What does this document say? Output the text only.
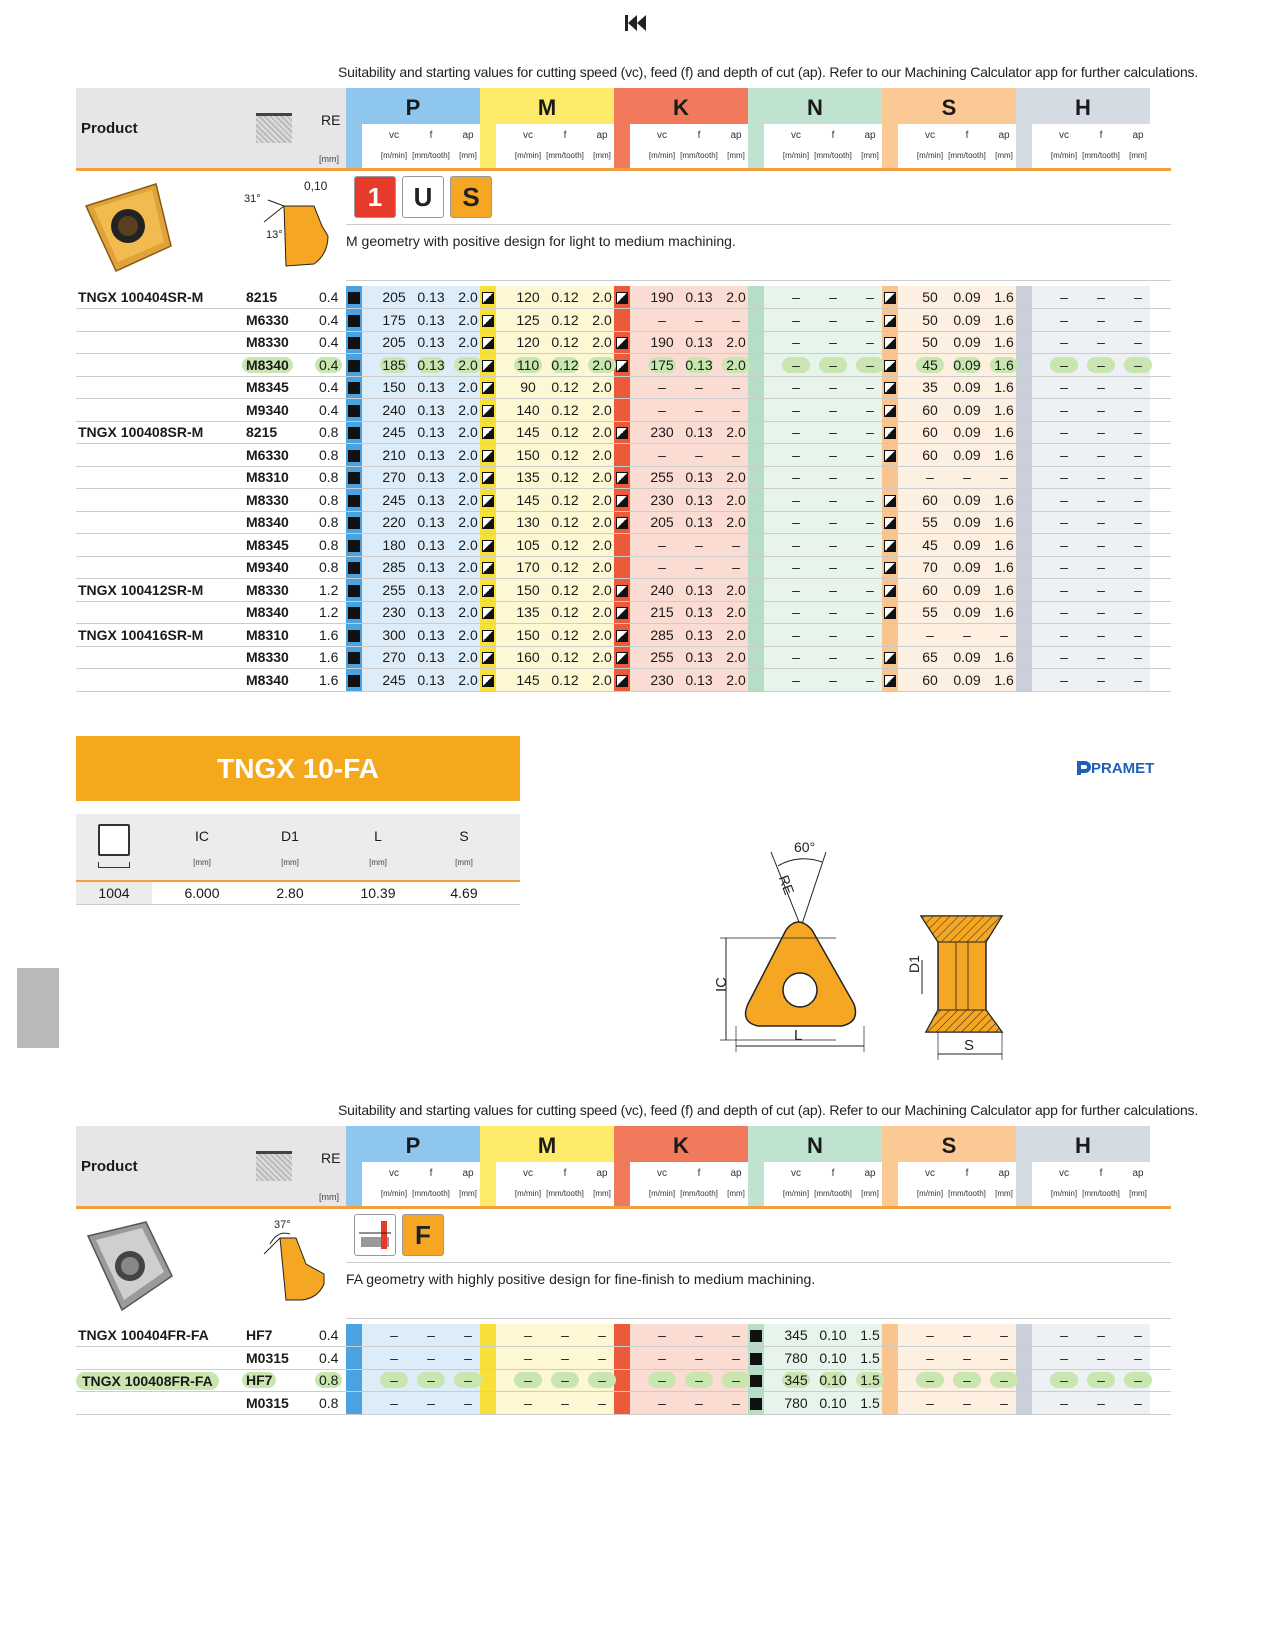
Suitability and starting values for cutting speed (vc), feed (f) and depth of cut (ap). Refer to our Machining Calculator app for further calculations.
Product	RE
[mm]
P
vc
[m/min]
f
[mm/tooth]
ap
[mm]
M
vc
[m/min]
f
[mm/tooth]
ap
[mm]
K
vc
[m/min]
f
[mm/tooth]
ap
[mm]
N
vc
[m/min]
f
[mm/tooth]
ap
[mm]
S
vc
[m/min]
f
[mm/tooth]
ap
[mm]
H
vc
[m/min]
f
[mm/tooth]
ap
[mm]
0,10
31°
13°
1	U	S
M geometry with positive design for light to medium machining.
TNGX 100404SR-M	8215	0.4	205 0.13 2.0	120 0.12 2.0	190 0.13 2.0	–	–	–	50	0.09 1.6	–	–	–
M6330 0.4	175 0.13 2.0	125 0.12 2.0	–	–	–	–	–	–	50	0.09 1.6	–	–	–
M8330 0.4	205 0.13 2.0	120 0.12 2.0	190 0.13 2.0	–	–	–	50	0.09 1.6	–	–	–
M8340 0.4	185 0.13 2.0	110 0.12 2.0	175 0.13 2.0	–	–	–	45	0.09 1.6	–	–	–
M8345 0.4	150 0.13 2.0	90	0.12 2.0	–	–	–	–	–	–	35	0.09 1.6	–	–	–
M9340 0.4	240 0.13 2.0	140 0.12 2.0	–	–	–	–	–	–	60	0.09 1.6	–	–	–
TNGX 100408SR-M	8215	0.8	245 0.13 2.0	145 0.12 2.0	230 0.13 2.0	–	–	–	60	0.09 1.6	–	–	–
M6330 0.8	210 0.13 2.0	150 0.12 2.0	–	–	–	–	–	–	60	0.09 1.6	–	–	–
M8310 0.8	270 0.13 2.0	135 0.12 2.0	255 0.13 2.0	–	–	–	–	–	–	–	–	–
M8330 0.8	245 0.13 2.0	145 0.12 2.0	230 0.13 2.0	–	–	–	60	0.09 1.6	–	–	–
M8340 0.8	220 0.13 2.0	130 0.12 2.0	205 0.13 2.0	–	–	–	55	0.09 1.6	–	–	–
M8345 0.8	180 0.13 2.0	105 0.12 2.0	–	–	–	–	–	–	45	0.09 1.6	–	–	–
M9340 0.8	285 0.13 2.0	170 0.12 2.0	–	–	–	–	–	–	70	0.09 1.6	–	–	–
TNGX 100412SR-M	M8330 1.2	255 0.13 2.0	150 0.12 2.0	240 0.13 2.0	–	–	–	60	0.09 1.6	–	–	–
M8340 1.2	230 0.13 2.0	135 0.12 2.0	215 0.13 2.0	–	–	–	55	0.09 1.6	–	–	–
TNGX 100416SR-M	M8310 1.6	300 0.13 2.0	150 0.12 2.0	285 0.13 2.0	–	–	–	–	–	–	–	–	–
M8330 1.6	270 0.13 2.0	160 0.12 2.0	255 0.13 2.0	–	–	–	65	0.09 1.6	–	–	–
M8340 1.6	245 0.13 2.0	145 0.12 2.0	230 0.13 2.0	–	–	–	60	0.09 1.6	–	–	–
TNGX 10-FA	PRAMET
IC
[mm]
D1
[mm]
L
[mm]
S
[mm]
1004	6.000	2.80	10.39	4.69
60°
RE
IC
L
D1
S
Suitability and starting values for cutting speed (vc), feed (f) and depth of cut (ap). Refer to our Machining Calculator app for further calculations.
Product	RE
[mm]
P
vc
[m/min]
f
[mm/tooth]
ap
[mm]
M
vc
[m/min]
f
[mm/tooth]
ap
[mm]
K
vc
[m/min]
f
[mm/tooth]
ap
[mm]
N
vc
[m/min]
f
[mm/tooth]
ap
[mm]
S
vc
[m/min]
f
[mm/tooth]
ap
[mm]
H
vc
[m/min]
f
[mm/tooth]
ap
[mm]
37°	F
FA geometry with highly positive design for fine-finish to medium machining.
TNGX 100404FR-FA	HF7	0.4	–	–	–	–	–	–	–	–	–	345 0.10 1.5	–	–	–	–	–	–
M0315 0.4	–	–	–	–	–	–	–	–	–	780 0.10 1.5	–	–	–	–	–	–
TNGX 100408FR-FA	HF7	0.8	–	–	–	–	–	–	–	–	–	345 0.10 1.5	–	–	–	–	–	–
M0315 0.8	–	–	–	–	–	–	–	–	–	780 0.10 1.5	–	–	–	–	–	–
